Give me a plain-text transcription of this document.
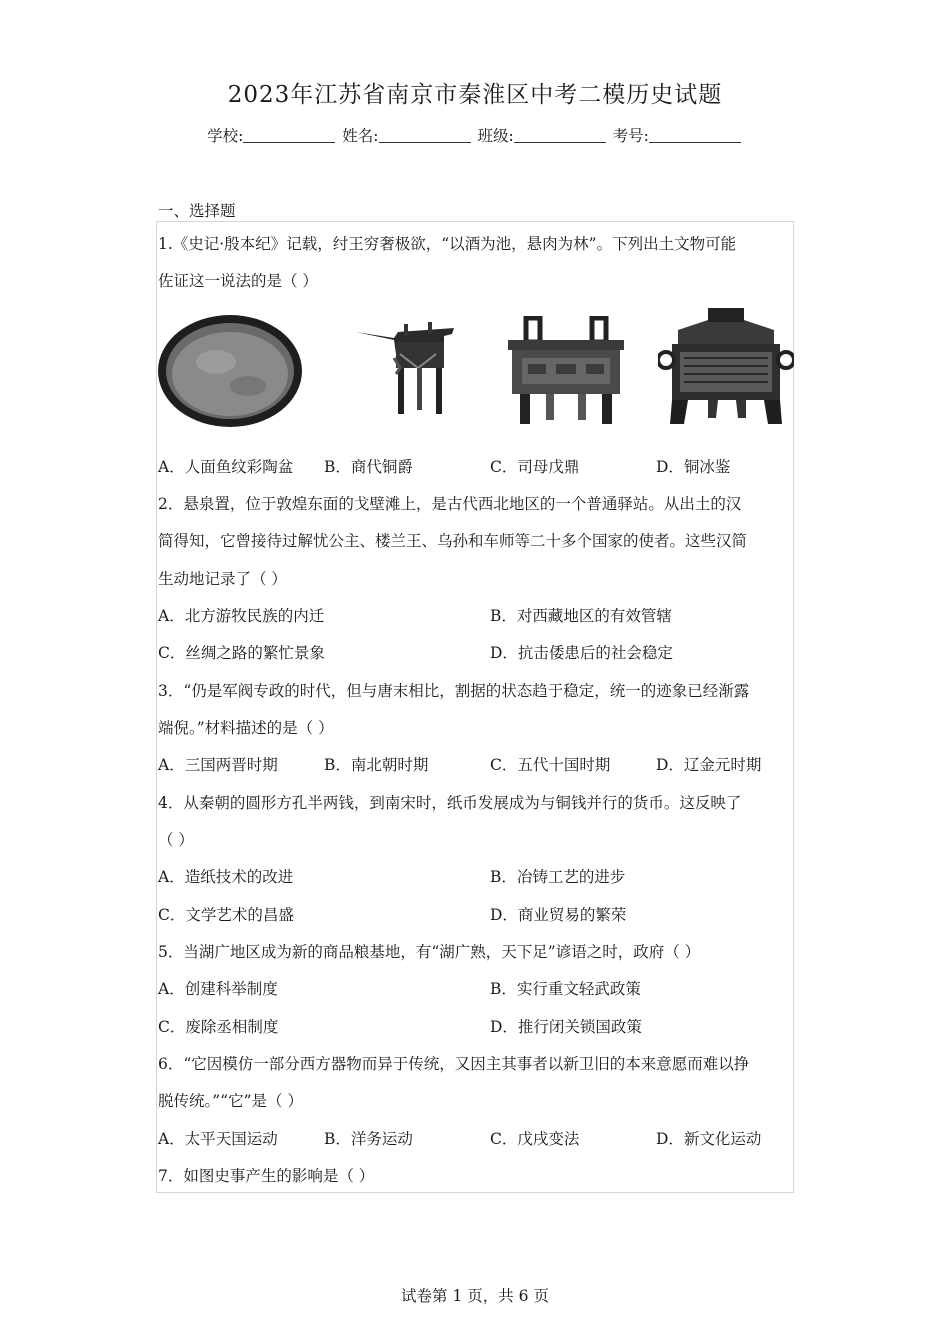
2023年江苏省南京市秦淮区中考二模历史试题
学校:	姓名:	班级:	考号:
一、选择题
1.《史记·殷本纪》记载，纣王穷奢极欲，“以酒为池，悬肉为林”。下列出土文物可能
佐证这一说法的是（ ）
A．人面鱼纹彩陶盆 B．商代铜爵	C．司母戊鼎	D．铜冰鉴
2．悬泉置，位于敦煌东面的戈壁滩上，是古代西北地区的一个普通驿站。从出土的汉
简得知，它曾接待过解忧公主、楼兰王、乌孙和车师等二十多个国家的使者。这些汉简
生动地记录了（ ）
A．北方游牧民族的内迁	B．对西藏地区的有效管辖
C．丝绸之路的繁忙景象	D．抗击倭患后的社会稳定
3．“仍是军阀专政的时代，但与唐末相比，割据的状态趋于稳定，统一的迹象已经渐露
端倪。”材料描述的是（ ）
A．三国两晋时期	B．南北朝时期	C．五代十国时期	D．辽金元时期
4．从秦朝的圆形方孔半两钱，到南宋时，纸币发展成为与铜钱并行的货币。这反映了
（ ）
A．造纸技术的改进	B．冶铸工艺的进步
C．文学艺术的昌盛	D．商业贸易的繁荣
5．当湖广地区成为新的商品粮基地，有“湖广熟，天下足”谚语之时，政府（ ）
A．创建科举制度	B．实行重文轻武政策
C．废除丞相制度	D．推行闭关锁国政策
6．“它因模仿一部分西方器物而异于传统，又因主其事者以新卫旧的本来意愿而难以挣
脱传统。”“它”是（ ）
A．太平天国运动	B．洋务运动	C．戊戌变法	D．新文化运动
7．如图史事产生的影响是（ ）
试卷第 1 页，共 6 页
